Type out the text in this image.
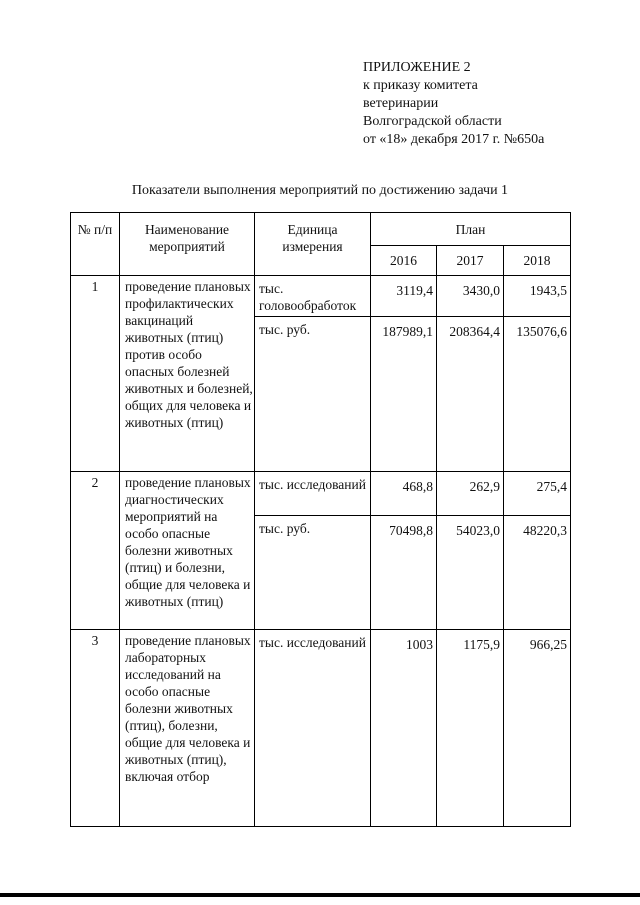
ПРИЛОЖЕНИЕ 2
к приказу комитета
ветеринарии
Волгоградской области
от «18» декабря 2017 г. №650а
Показатели выполнения мероприятий по достижению задачи 1
№ п/п	Наименование мероприятий	Единица измерения	План		
			2016	2017	2018
1	проведение плановых профилактических вакцинаций животных (птиц) против особо опасных болезней животных и болезней, общих для человека и животных (птиц)	тыс. головообработок	3119,4	3430,0	1943,5
		тыс. руб.	187989,1	208364,4	135076,6
2	проведение плановых диагностических мероприятий на особо опасные болезни животных (птиц) и болезни, общие для человека и животных (птиц)	тыс. исследований	468,8	262,9	275,4
		тыс. руб.	70498,8	54023,0	48220,3
3	проведение плановых лабораторных исследований на особо опасные болезни животных (птиц), болезни, общие для человека и животных (птиц), включая отбор	тыс. исследований	1003	1175,9	966,25
